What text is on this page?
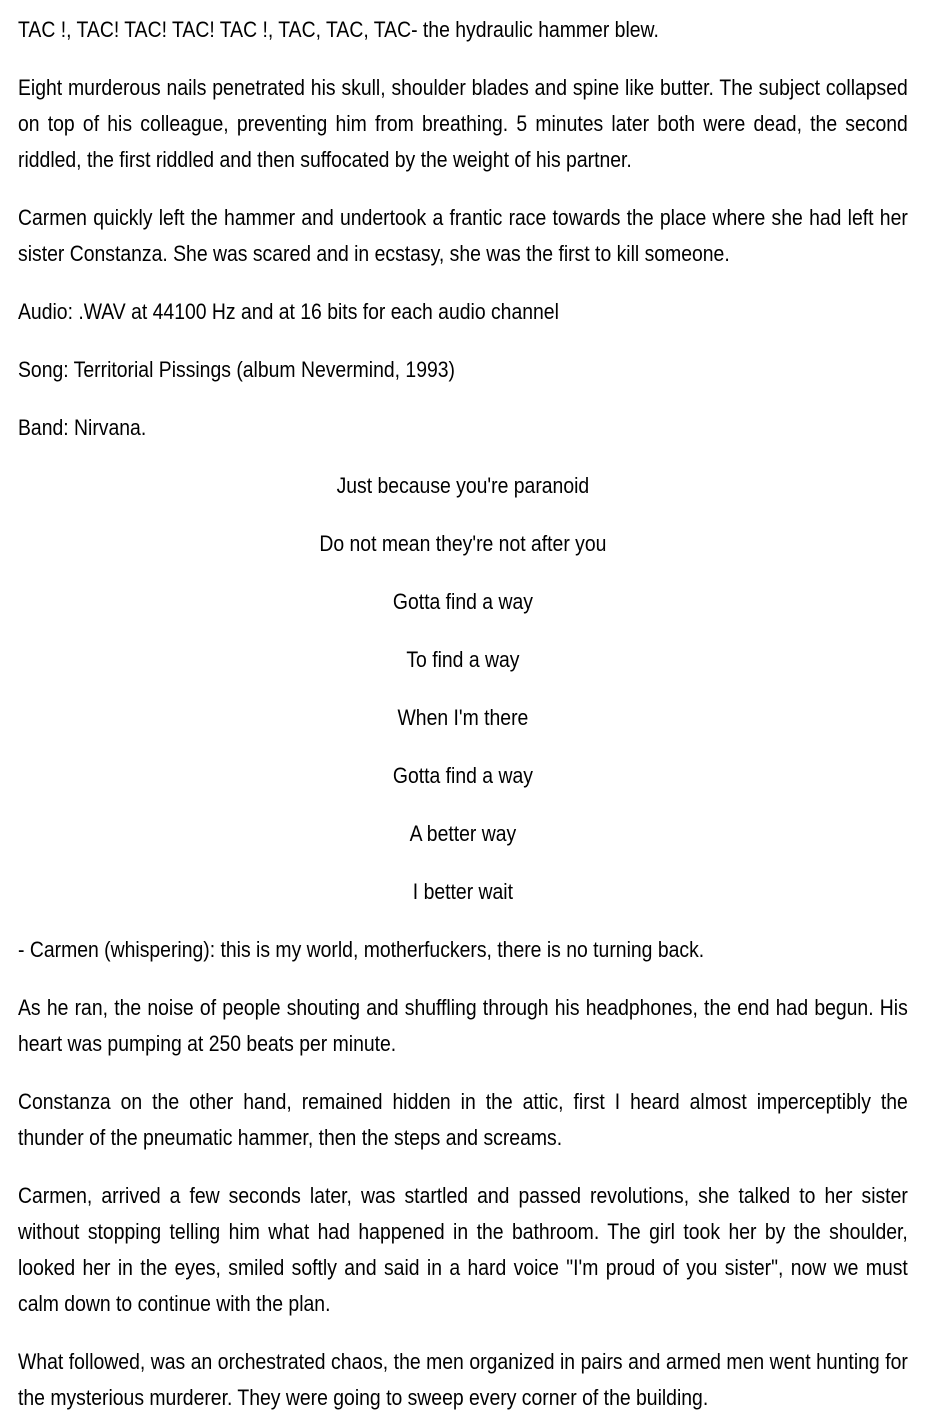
TAC !, TAC! TAC! TAC! TAC !, TAC, TAC, TAC- the hydraulic hammer blew.

Eight murderous nails penetrated his skull, shoulder blades and spine like butter. The subject collapsed on top of his colleague, preventing him from breathing. 5 minutes later both were dead, the second riddled, the first riddled and then suffocated by the weight of his partner.

Carmen quickly left the hammer and undertook a frantic race towards the place where she had left her sister Constanza. She was scared and in ecstasy, she was the first to kill someone.

Audio: .WAV at 44100 Hz and at 16 bits for each audio channel

Song: Territorial Pissings (album Nevermind, 1993)

Band: Nirvana.

Just because you're paranoid

Do not mean they're not after you

Gotta find a way

To find a way

When I'm there

Gotta find a way

A better way

I better wait

- Carmen (whispering): this is my world, motherfuckers, there is no turning back.

As he ran, the noise of people shouting and shuffling through his headphones, the end had begun. His heart was pumping at 250 beats per minute.

Constanza on the other hand, remained hidden in the attic, first I heard almost imperceptibly the thunder of the pneumatic hammer, then the steps and screams.

Carmen, arrived a few seconds later, was startled and passed revolutions, she talked to her sister without stopping telling him what had happened in the bathroom. The girl took her by the shoulder, looked her in the eyes, smiled softly and said in a hard voice "I'm proud of you sister", now we must calm down to continue with the plan.

What followed, was an orchestrated chaos, the men organized in pairs and armed men went hunting for the mysterious murderer. They were going to sweep every corner of the building.
